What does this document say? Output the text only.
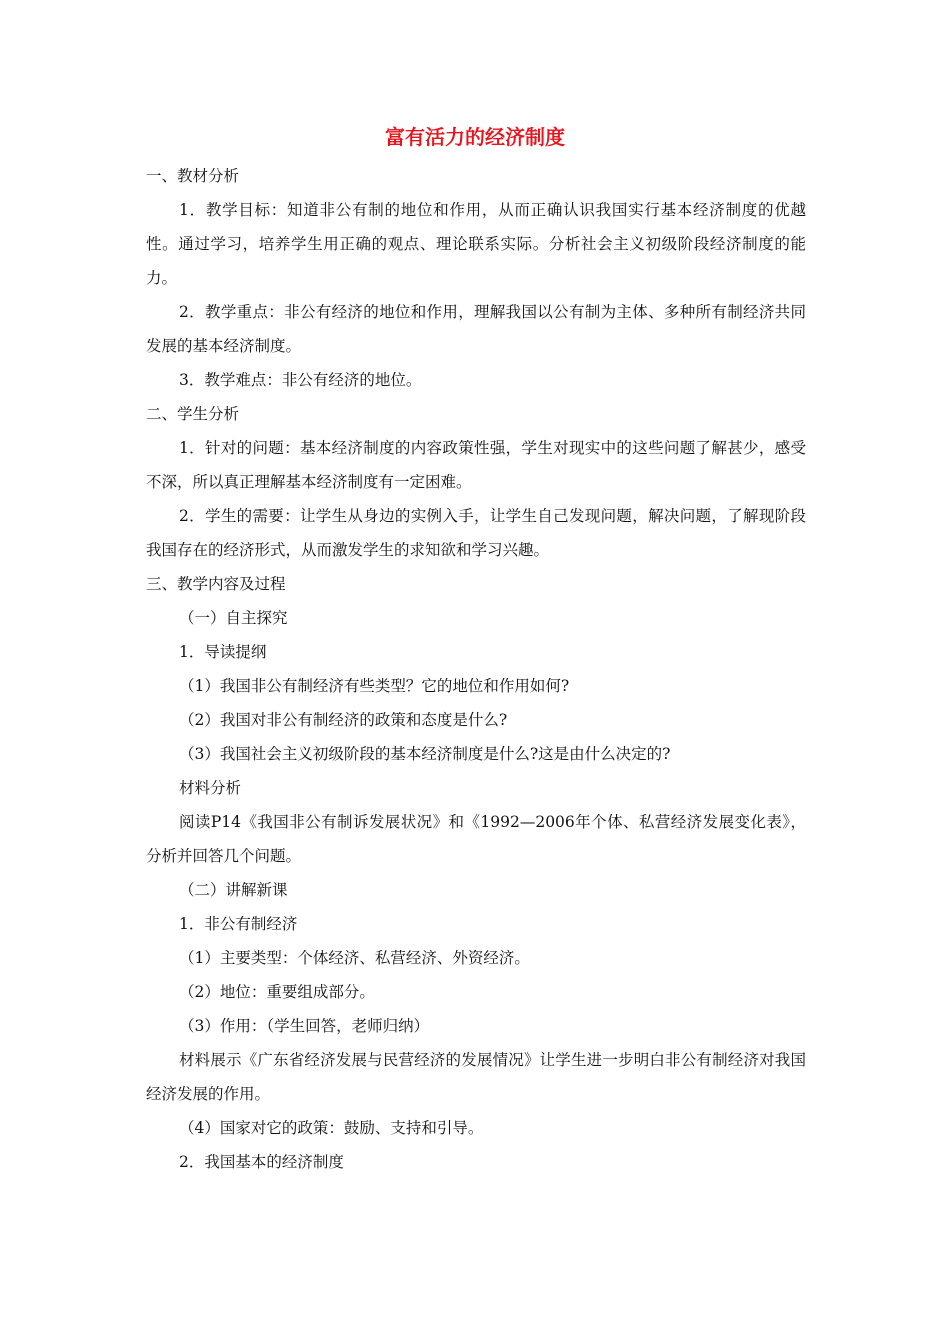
富有活力的经济制度

一、教材分析

1．教学目标：知道非公有制的地位和作用，从而正确认识我国实行基本经济制度的优越性。通过学习，培养学生用正确的观点、理论联系实际。分析社会主义初级阶段经济制度的能力。

2．教学重点：非公有经济的地位和作用，理解我国以公有制为主体、多种所有制经济共同发展的基本经济制度。

3．教学难点：非公有经济的地位。

二、学生分析

1．针对的问题：基本经济制度的内容政策性强，学生对现实中的这些问题了解甚少，感受不深，所以真正理解基本经济制度有一定困难。

2．学生的需要：让学生从身边的实例入手，让学生自己发现问题，解决问题，了解现阶段我国存在的经济形式，从而激发学生的求知欲和学习兴趣。

三、教学内容及过程

（一）自主探究

1．导读提纲

（1）我国非公有制经济有些类型？它的地位和作用如何?

（2）我国对非公有制经济的政策和态度是什么?

（3）我国社会主义初级阶段的基本经济制度是什么?这是由什么决定的?

材料分析

阅读P14《我国非公有制诉发展状况》和《1992—2006年个体、私营经济发展变化表》，分析并回答几个问题。

（二）讲解新课

1．非公有制经济

（1）主要类型：个体经济、私营经济、外资经济。

（2）地位：重要组成部分。

（3）作用：（学生回答，老师归纳）

材料展示《广东省经济发展与民营经济的发展情况》让学生进一步明白非公有制经济对我国经济发展的作用。

（4）国家对它的政策：鼓励、支持和引导。

2．我国基本的经济制度
